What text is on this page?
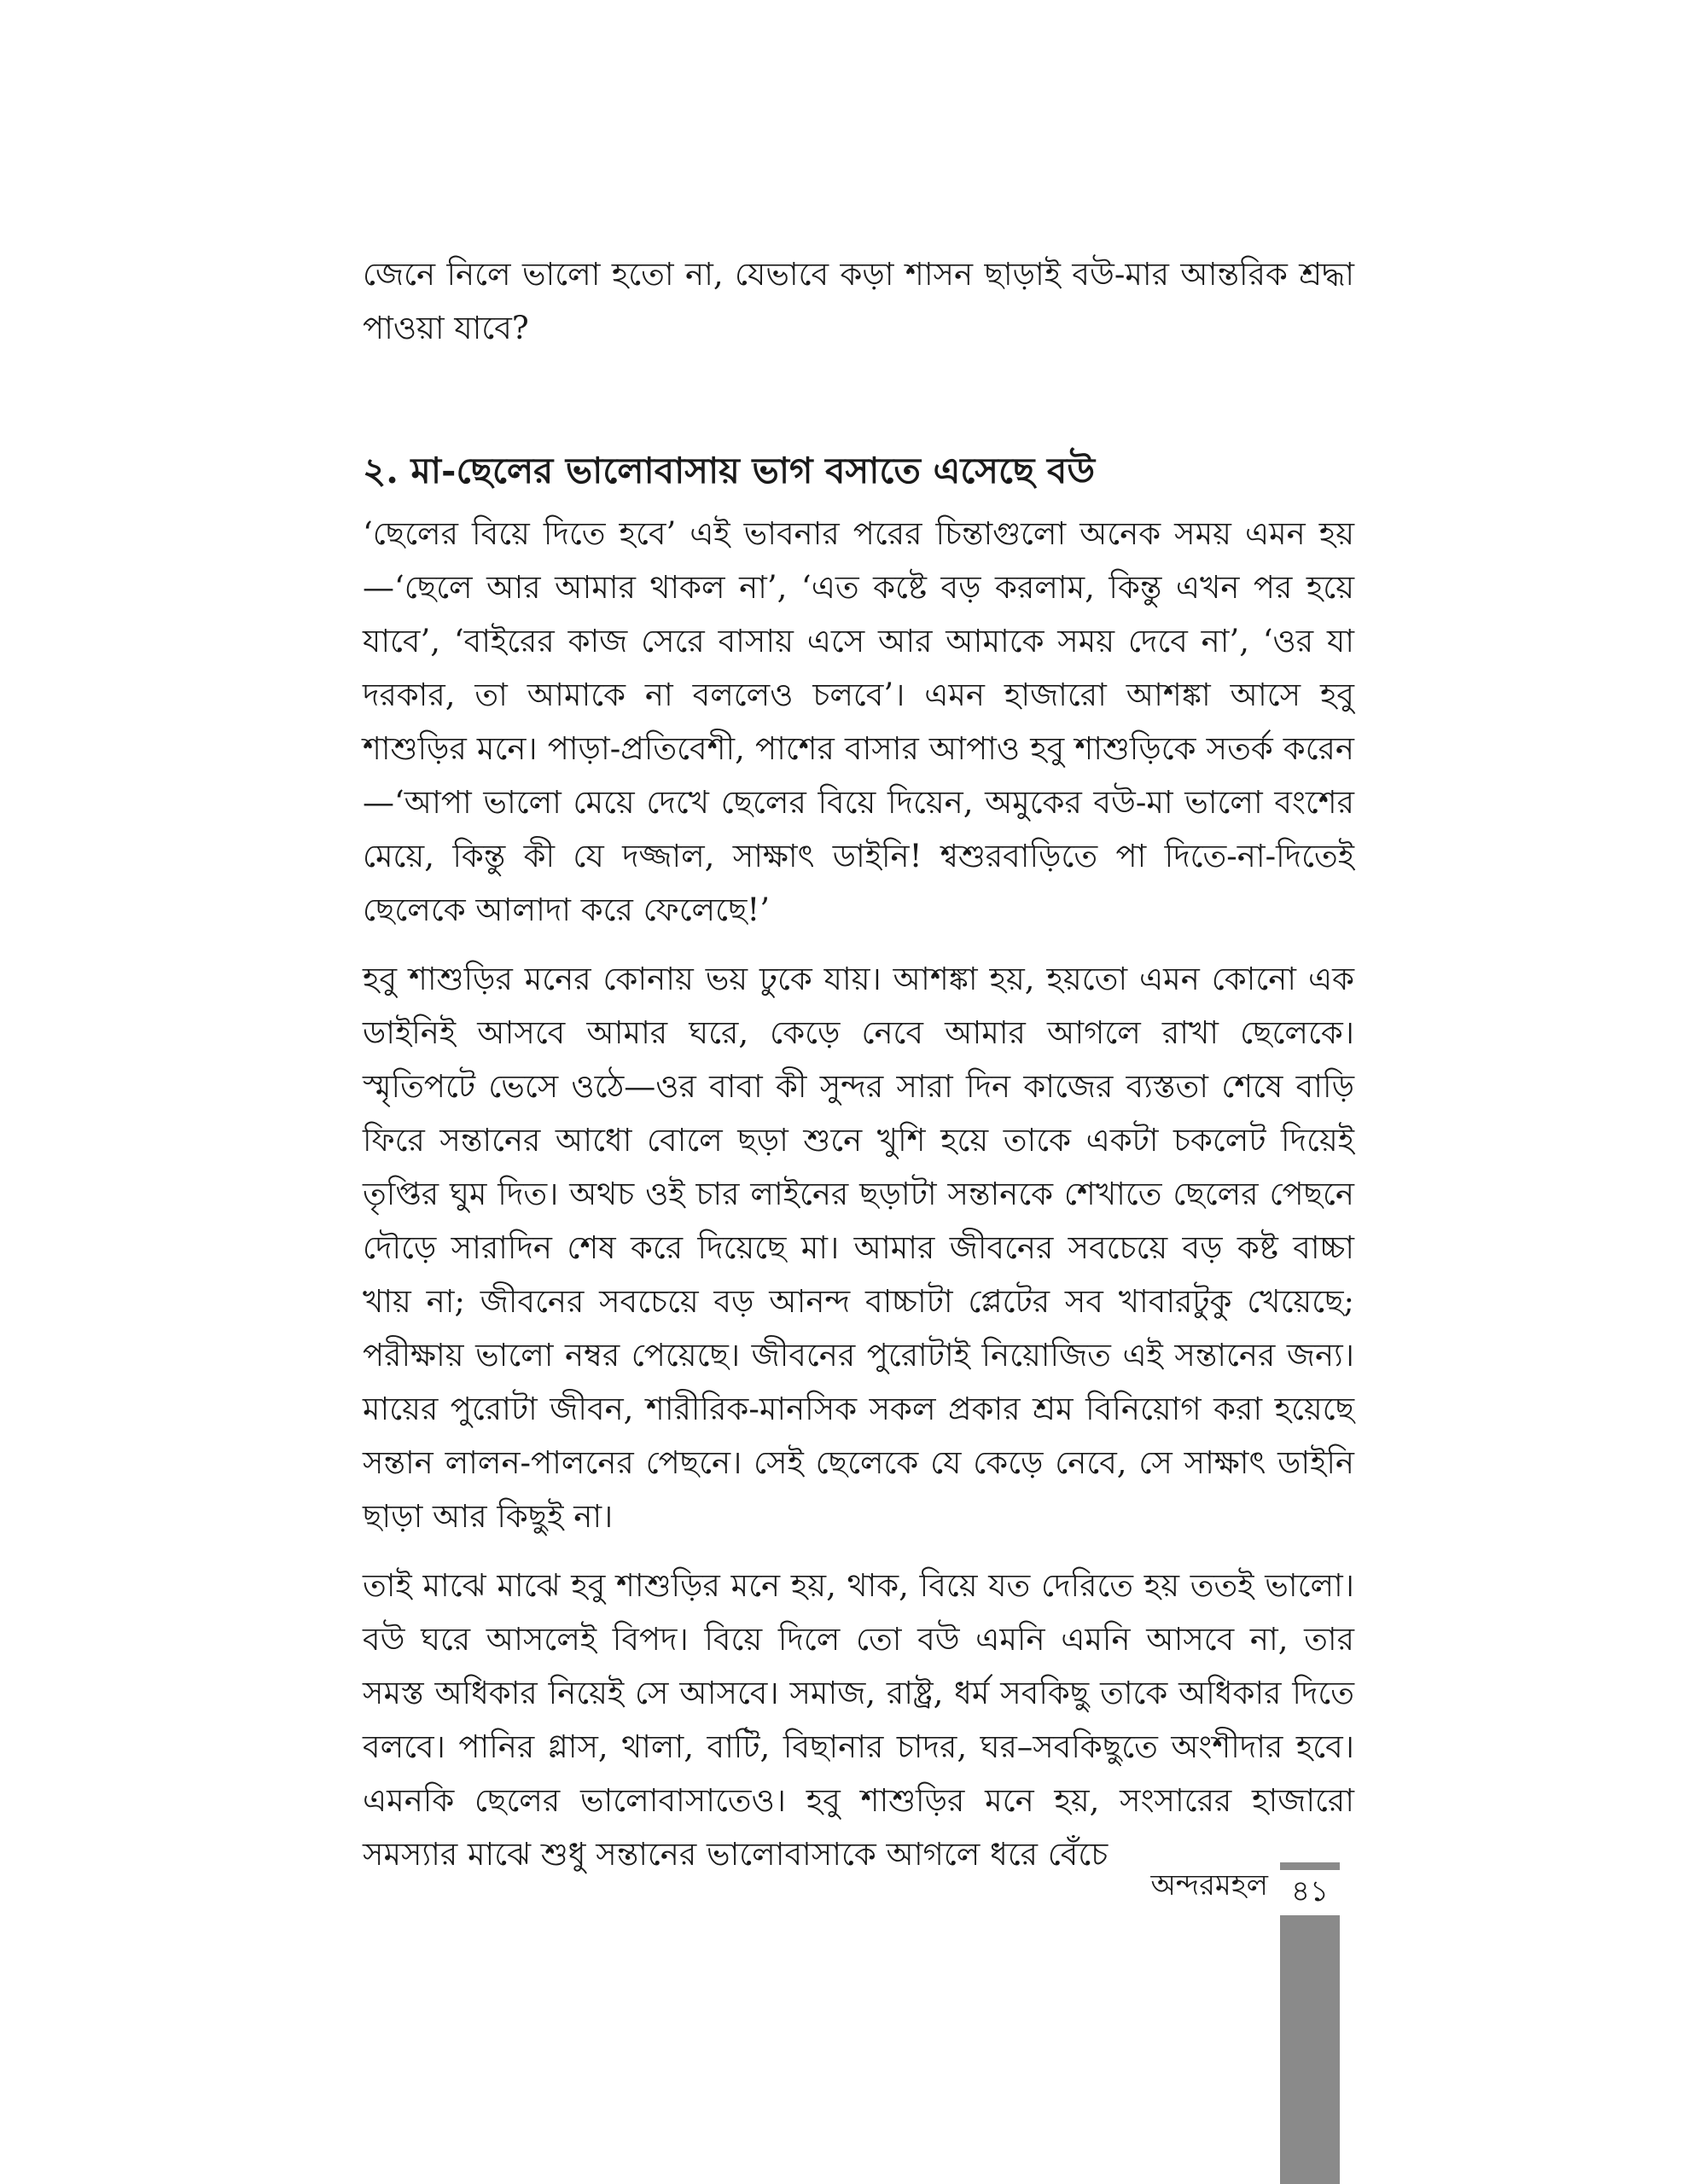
জেনে নিলে ভালো হতো না, যেভাবে কড়া শাসন ছাড়াই বউ-মার আন্তরিক শ্রদ্ধা পাওয়া যাবে?

২. মা-ছেলের ভালোবাসায় ভাগ বসাতে এসেছে বউ

‘ছেলের বিয়ে দিতে হবে’ এই ভাবনার পরের চিন্তাগুলো অনেক সময় এমন হয়—‘ছেলে আর আমার থাকল না’, ‘এত কষ্টে বড় করলাম, কিন্তু এখন পর হয়ে যাবে’, ‘বাইরের কাজ সেরে বাসায় এসে আর আমাকে সময় দেবে না’, ‘ওর যা দরকার, তা আমাকে না বললেও চলবে’। এমন হাজারো আশঙ্কা আসে হবু শাশুড়ির মনে। পাড়া-প্রতিবেশী, পাশের বাসার আপাও হবু শাশুড়িকে সতর্ক করেন—‘আপা ভালো মেয়ে দেখে ছেলের বিয়ে দিয়েন, অমুকের বউ-মা ভালো বংশের মেয়ে, কিন্তু কী যে দজ্জাল, সাক্ষাৎ ডাইনি! শ্বশুরবাড়িতে পা দিতে-না-দিতেই ছেলেকে আলাদা করে ফেলেছে!’

হবু শাশুড়ির মনের কোনায় ভয় ঢুকে যায়। আশঙ্কা হয়, হয়তো এমন কোনো এক ডাইনিই আসবে আমার ঘরে, কেড়ে নেবে আমার আগলে রাখা ছেলেকে। স্মৃতিপটে ভেসে ওঠে—ওর বাবা কী সুন্দর সারা দিন কাজের ব্যস্ততা শেষে বাড়ি ফিরে সন্তানের আধো বোলে ছড়া শুনে খুশি হয়ে তাকে একটা চকলেট দিয়েই তৃপ্তির ঘুম দিত। অথচ ওই চার লাইনের ছড়াটা সন্তানকে শেখাতে ছেলের পেছনে দৌড়ে সারাদিন শেষ করে দিয়েছে মা। আমার জীবনের সবচেয়ে বড় কষ্ট বাচ্চা খায় না; জীবনের সবচেয়ে বড় আনন্দ বাচ্চাটা প্লেটের সব খাবারটুকু খেয়েছে; পরীক্ষায় ভালো নম্বর পেয়েছে। জীবনের পুরোটাই নিয়োজিত এই সন্তানের জন্য। মায়ের পুরোটা জীবন, শারীরিক-মানসিক সকল প্রকার শ্রম বিনিয়োগ করা হয়েছে সন্তান লালন-পালনের পেছনে। সেই ছেলেকে যে কেড়ে নেবে, সে সাক্ষাৎ ডাইনি ছাড়া আর কিছুই না।

তাই মাঝে মাঝে হবু শাশুড়ির মনে হয়, থাক, বিয়ে যত দেরিতে হয় ততই ভালো। বউ ঘরে আসলেই বিপদ। বিয়ে দিলে তো বউ এমনি এমনি আসবে না, তার সমস্ত অধিকার নিয়েই সে আসবে। সমাজ, রাষ্ট্র, ধর্ম সবকিছু তাকে অধিকার দিতে বলবে। পানির গ্লাস, থালা, বাটি, বিছানার চাদর, ঘর–সবকিছুতে অংশীদার হবে। এমনকি ছেলের ভালোবাসাতেও। হবু শাশুড়ির মনে হয়, সংসারের হাজারো সমস্যার মাঝে শুধু সন্তানের ভালোবাসাকে আগলে ধরে বেঁচে

অন্দরমহল ৪১
